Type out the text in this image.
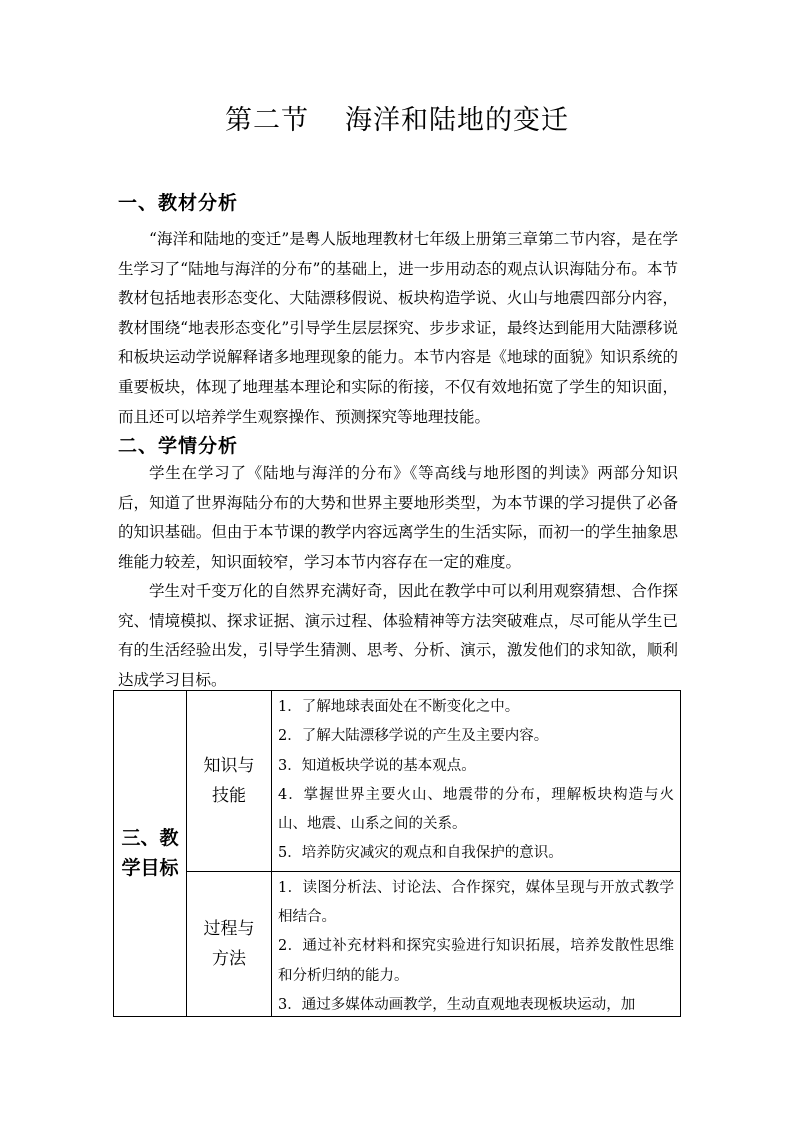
第二节 海洋和陆地的变迁
一、教材分析
“海洋和陆地的变迁”是粤人版地理教材七年级上册第三章第二节内容，是在学生学习了“陆地与海洋的分布”的基础上，进一步用动态的观点认识海陆分布。本节教材包括地表形态变化、大陆漂移假说、板块构造学说、火山与地震四部分内容，教材围绕“地表形态变化”引导学生层层探究、步步求证，最终达到能用大陆漂移说和板块运动学说解释诸多地理现象的能力。本节内容是《地球的面貌》知识系统的重要板块，体现了地理基本理论和实际的衔接，不仅有效地拓宽了学生的知识面，而且还可以培养学生观察操作、预测探究等地理技能。
二、学情分析
学生在学习了《陆地与海洋的分布》《等高线与地形图的判读》两部分知识后，知道了世界海陆分布的大势和世界主要地形类型，为本节课的学习提供了必备的知识基础。但由于本节课的教学内容远离学生的生活实际，而初一的学生抽象思维能力较差，知识面较窄，学习本节内容存在一定的难度。
学生对千变万化的自然界充满好奇，因此在教学中可以利用观察猜想、合作探究、情境模拟、探求证据、演示过程、体验精神等方法突破难点，尽可能从学生已有的生活经验出发，引导学生猜测、思考、分析、演示，激发他们的求知欲，顺利达成学习目标。
三、教学目标	知识与技能	1．了解地球表面处在不断变化之中。
2．了解大陆漂移学说的产生及主要内容。
3．知道板块学说的基本观点。
4．掌握世界主要火山、地震带的分布，理解板块构造与火山、地震、山系之间的关系。
5．培养防灾减灾的观点和自我保护的意识。

	过程与方法	1．读图分析法、讨论法、合作探究，媒体呈现与开放式教学相结合。
2．通过补充材料和探究实验进行知识拓展，培养发散性思维和分析归纳的能力。
3．通过多媒体动画教学，生动直观地表现板块运动，加
